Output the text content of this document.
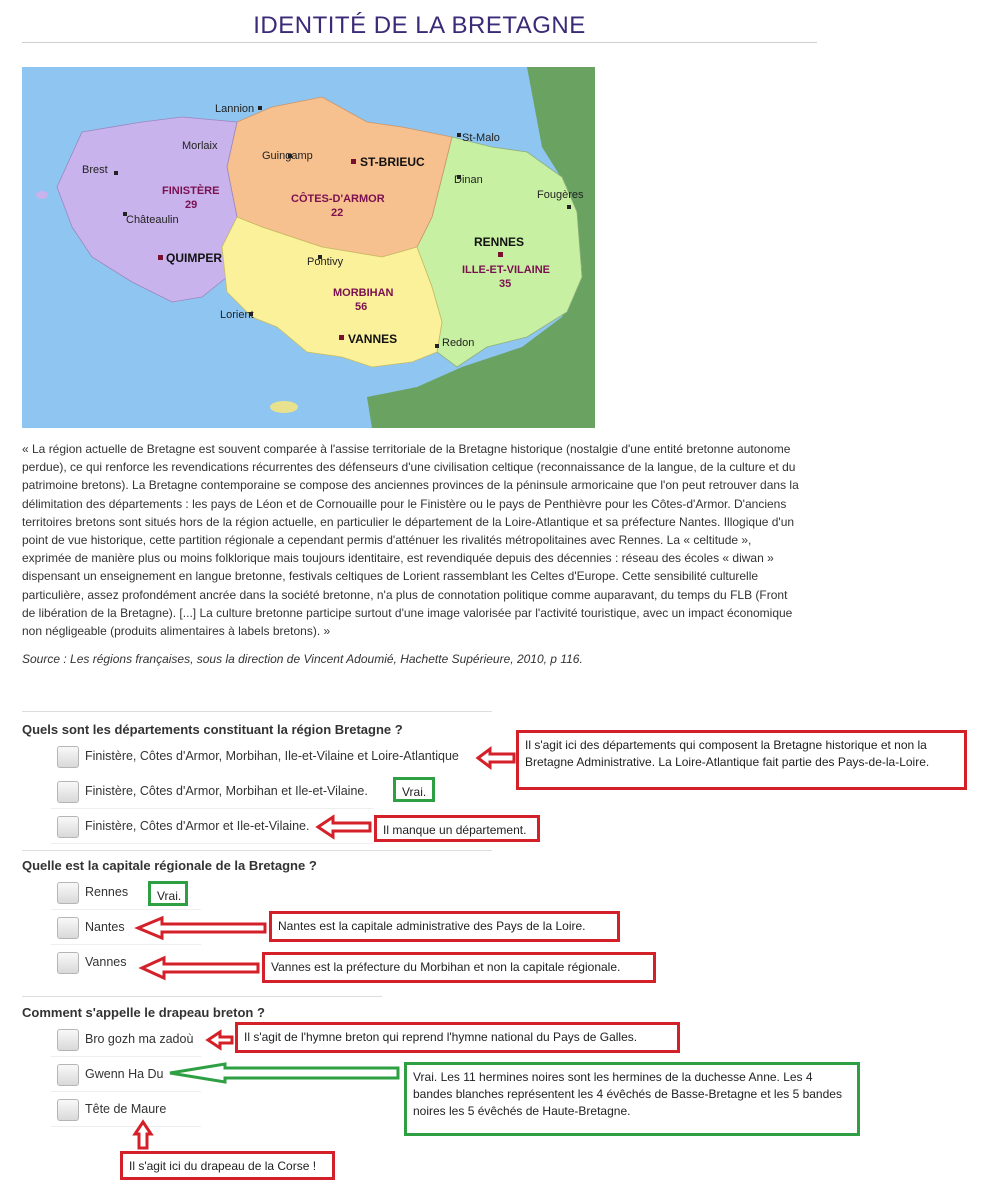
IDENTITÉ DE LA BRETAGNE
Lannion
Morlaix
Brest
Guingamp	ST-BRIEUC
St-Malo
Dinan
Fougères
Châteaulin
QUIMPER	Pontivy
RENNES
Lorient
VANNES	Redon
FINISTÈRE
29	CÔTES-D'ARMOR
22
MORBIHAN
56
ILLE-ET-VILAINE
35
« La région actuelle de Bretagne est souvent comparée à l'assise territoriale de la Bretagne historique (nostalgie d'une entité bretonne autonome perdue), ce qui renforce les revendications récurrentes des défenseurs d'une civilisation celtique (reconnaissance de la langue, de la culture et du patrimoine bretons). La Bretagne contemporaine se compose des anciennes provinces de la péninsule armoricaine que l'on peut retrouver dans la délimitation des départements : les pays de Léon et de Cornouaille pour le Finistère ou le pays de Penthièvre pour les Côtes-d'Armor. D'anciens territoires bretons sont situés hors de la région actuelle, en particulier le département de la Loire-Atlantique et sa préfecture Nantes. Illogique d'un point de vue historique, cette partition régionale a cependant permis d'atténuer les rivalités métropolitaines avec Rennes. La « celtitude », exprimée de manière plus ou moins folklorique mais toujours identitaire, est revendiquée depuis des décennies : réseau des écoles « diwan » dispensant un enseignement en langue bretonne, festivals celtiques de Lorient rassemblant les Celtes d'Europe. Cette sensibilité culturelle particulière, assez profondément ancrée dans la société bretonne, n'a plus de connotation politique comme auparavant, du temps du FLB (Front de libération de la Bretagne). [...] La culture bretonne participe surtout d'une image valorisée par l'activité touristique, avec un impact économique non négligeable (produits alimentaires à labels bretons). »
Source : Les régions françaises, sous la direction de Vincent Adoumié, Hachette Supérieure, 2010, p 116.
Quels sont les départements constituant la région Bretagne ?
Finistère, Côtes d'Armor, Morbihan, Ile-et-Vilaine et Loire-Atlantique
Finistère, Côtes d'Armor, Morbihan et Ile-et-Vilaine.
Finistère, Côtes d'Armor et Ile-et-Vilaine.
Il s'agit ici des départements qui composent la Bretagne historique et non la Bretagne Administrative. La Loire-Atlantique fait partie des Pays-de-la-Loire.
Vrai.
Il manque un département.
Quelle est la capitale régionale de la Bretagne ?
Rennes
Nantes
Vannes
Vrai.
Nantes est la capitale administrative des Pays de la Loire.
Vannes est la préfecture du Morbihan et non la capitale régionale.
Comment s'appelle le drapeau breton ?
Bro gozh ma zadoù
Gwenn Ha Du
Tête de Maure
Il s'agit de l'hymne breton qui reprend l'hymne national du Pays de Galles.
Vrai. Les 11 hermines noires sont les hermines de la duchesse Anne. Les 4 bandes blanches représentent les 4 évêchés de Basse-Bretagne et les 5 bandes noires les 5 évêchés de Haute-Bretagne.
Il s'agit ici du drapeau de la Corse !
